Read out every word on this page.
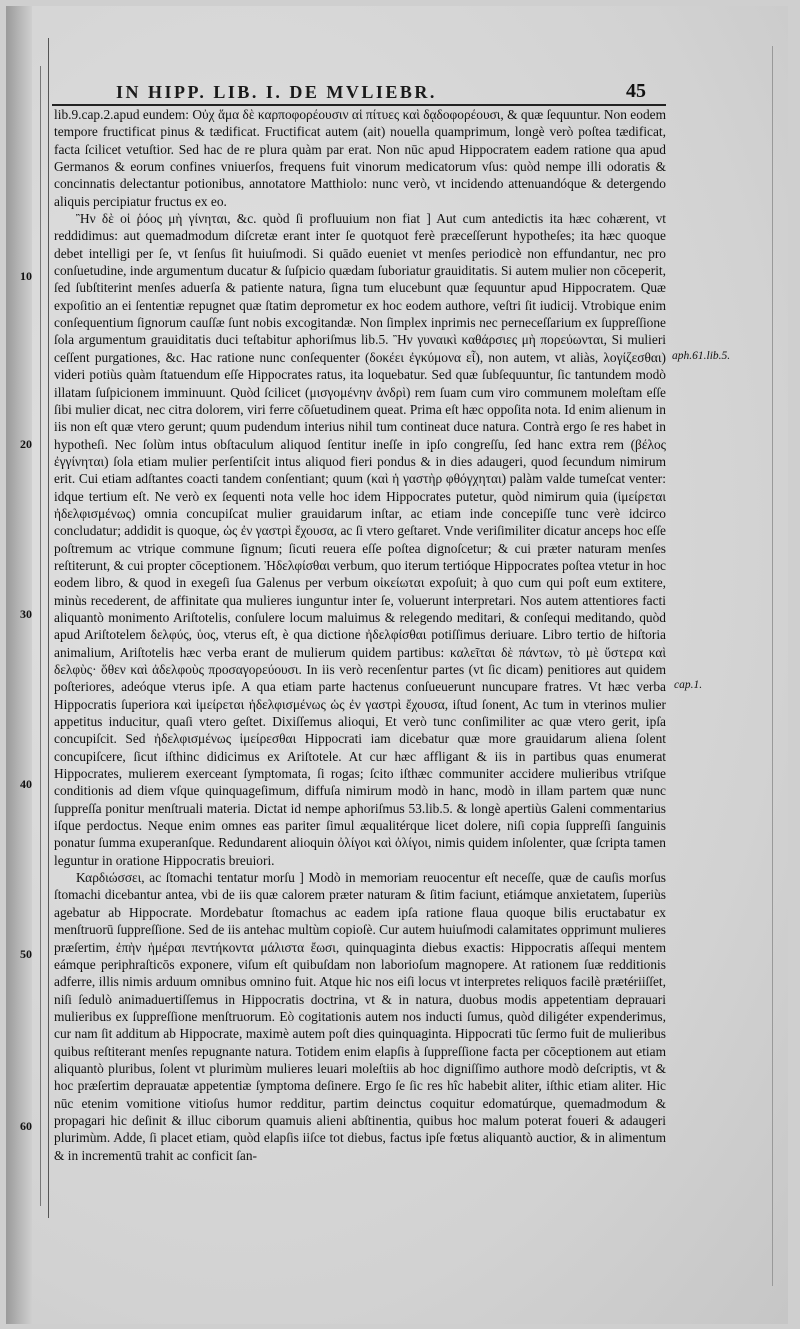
IN HIPP. LIB. I. DE MVLIEBR.	45
10
20
30
40
50
60
aph.61.lib.5.
cap.1.

lib.9.cap.2.apud eundem: Οὐχ ἅμα δὲ καρποφορέουσιν αἱ πίτυες καὶ δᾳδοφορέουσι, & quæ ſequuntur. Non eodem tempore fructificat pinus & tædificat. Fructificat autem (ait) nouella quamprimum, longè verò poſtea tædificat, facta ſcilicet vetuſtior. Sed hac de re plura quàm par erat. Non nūc apud Hippocratem eadem ratione qua apud Germanos & eorum confines vniuerſos, frequens fuit vinorum medicatorum vſus: quòd nempe illi odoratis & concinnatis delectantur potionibus, annotatore Matthiolo: nunc verò, vt incidendo attenuandóque & detergendo aliquis percipiatur fructus ex eo.

Ἢν δὲ οἱ ῥόος μὴ γίνηται, &c. quòd ſi profluuium non fiat ] Aut cum antedictis ita hæc cohærent, vt reddidimus: aut quemadmodum diſcretæ erant inter ſe quotquot ferè præceſſerunt hypotheſes; ita hæc quoque debet intelligi per ſe, vt ſenſus ſit huiuſmodi. Si quādo eueniet vt menſes periodicè non effundantur, nec pro conſuetudine, inde argumentum ducatur & ſuſpicio quædam ſuboriatur grauiditatis. Si autem mulier non cōceperit, ſed ſubſtiterint menſes aduerſa & patiente natura, ſigna tum elucebunt quæ ſequuntur apud Hippocratem. Quæ expoſitio an ei ſententiæ repugnet quæ ſtatim deprometur ex hoc eodem authore, veſtri ſit iudicij. Vtrobique enim conſequentium ſignorum cauſſæ ſunt nobis excogitandæ. Non ſimplex inprimis nec pernеceſſarium ex ſuppreſſione ſola argumentum grauiditatis duci teſtabitur aphoriſmus lib.5. Ἢν γυναικὶ καθάρσιες μὴ πορεύωνται, Si mulieri ceſſent purgationes, &c. Hac ratione nunc conſequenter (δοκέει ἐγκύμονα εἶ), non autem, vt aliàs, λογίζεσθαι) videri potiùs quàm ſtatuendum eſſe Hippocrates ratus, ita loquebatur. Sed quæ ſubſequuntur, ſic tantundem modò illatam ſuſpicionem imminuunt. Quòd ſcilicet (μισγομένην ἀνδρὶ) rem ſuam cum viro communem moleſtam eſſe ſibi mulier dicat, nec citra dolorem, viri ferre cōſuetudinem queat. Prima eſt hæc oppoſita nota. Id enim alienum in iis non eſt quæ vtero gerunt; quum pudendum interius nihil tum contineat duce natura. Contrà ergo ſe res habet in hypotheſi. Nec ſolùm intus obſtaculum aliquod ſentitur ineſſe in ipſo congreſſu, ſed hanc extra rem (βέλος ἐγγίνηται) ſola etiam mulier perſentiſcit intus aliquod fieri pondus & in dies adaugeri, quod ſecundum nimirum erit. Cui etiam adſtantes coacti tandem conſentiant; quum (καὶ ἡ γαστὴρ φθόγχηται) palàm valde tumeſcat venter: idque tertium eſt. Ne verò ex ſequenti nota velle hoc idem Hippocrates putetur, quòd nimirum quia (ἱμείρεται ἠδελφισμένως) omnia concupiſcat mulier grauidarum inſtar, ac etiam inde concepiſſe tunc verè idcirco concludatur; addidit is quoque, ὡς ἐν γαστρὶ ἔχουσα, ac ſi vtero geſtaret. Vnde veriſimiliter dicatur anceps hoc eſſe poſtremum ac vtrique commune ſignum; ſicuti reuera eſſe poſtea dignoſcetur; & cui præter naturam menſes reſtiterunt, & cui propter cōceptionem. Ἠδελφίσθαι verbum, quo iterum tertióque Hippocrates poſtea vtetur in hoc eodem libro, & quod in exegeſi ſua Galenus per verbum οἰκείωται expoſuit; à quo cum qui poſt eum extitere, minùs recederent, de affinitate qua mulieres iunguntur inter ſe, voluerunt interpretari. Nos autem attentiores facti aliquantò monimento Ariſtotelis, conſulere locum maluimus & relegendo meditari, & conſequi meditando, quòd apud Ariſtotelem δελφύς, ὑος, vterus eſt, è qua dictione ἠδελφίσθαι potiſſimus deriuare. Libro tertio de hiſtoria animalium, Ariſtotelis hæc verba erant de mulierum quidem partibus: καλεῖται δὲ πάντων, τὸ μὲ ὕστερα καὶ δελφὺς· ὅθεν καὶ ἀδελφοὺς προσαγορεύουσι. In iis verò recenſentur partes (vt ſic dicam) penitiores aut quidem poſteriores, adeóque vterus ipſe. A qua etiam parte hactenus conſueuerunt nuncupare fratres. Vt hæc verba Hippocratis ſuperiora καὶ ἱμείρεται ἠδελφισμένως ὡς ἐν γαστρὶ ἔχουσα, iſtud ſonent, Ac tum in vterinos mulier appetitus inducitur, quaſi vtero geſtet. Dixiſſemus alioqui, Et verò tunc conſimiliter ac quæ vtero gerit, ipſa concupiſcit. Sed ἠδελφισμένως ἱμείρεσθαι Hippocrati iam dicebatur quæ more grauidarum aliena ſolent concupiſcere, ſicut iſthinc didicimus ex Ariſtotele. At cur hæc affligant & iis in partibus quas enumerat Hippocrates, mulierem exerceant ſymptomata, ſi rogas; ſcito iſthæc communiter accidere mulieribus vtriſque conditionis ad diem vſque quinquageſimum, diffuſa nimirum modò in hanc, modò in illam partem quæ nunc ſuppreſſa ponitur menſtruali materia. Dictat id nempe aphoriſmus 53.lib.5. & longè apertiùs Galeni commentarius iſque perdoctus. Neque enim omnes eas pariter ſimul æqualitérque licet dolere, niſi copia ſuppreſſi ſanguinis ponatur ſumma exuperanſque. Redundarent alioquin ὀλίγοι καὶ ὀλίγοι, nimis quidem inſolenter, quæ ſcripta tamen leguntur in oratione Hippocratis breuiori.

Καρδιώσσει, ac ſtomachi tentatur morſu ] Modò in memoriam reuocentur eſt neceſſe, quæ de cauſis morſus ſtomachi dicebantur antea, vbi de iis quæ calorem præter naturam & ſitim faciunt, etiámque anxietatem, ſuperiùs agebatur ab Hippocrate. Mordebatur ſtomachus ac eadem ipſa ratione flaua quoque bilis eructabatur ex menſtruorū ſuppreſſione. Sed de iis antehac multùm copioſè. Cur autem huiuſmodi calamitates opprimunt mulieres præſertim, ἐπὴν ἡμέραι πεντήκοντα μάλιστα ἔωσι, quinquaginta diebus exactis: Hippocratis aſſequi mentem eámque periphraſticōs exponere, viſum eſt quibuſdam non laborioſum magnopere. At rationem ſuæ redditionis adferre, illis nimis arduum omnibus omnino fuit. Atque hic nos eiſi locus vt interpretes reliquos facilè prætériiſſet, niſi ſedulò animaduertiſſemus in Hippocratis doctrina, vt & in natura, duobus modis appetentiam deprauari mulieribus ex ſuppreſſione menſtruorum. Eò cogitationis autem nos inducti ſumus, quòd diligéter expenderimus, cur nam ſit additum ab Hippocrate, maximè autem poſt dies quinquaginta. Hippocrati tūc ſermo fuit de mulieribus quibus reſtiterant menſes repugnante natura. Totidem enim elapſis à ſuppreſſione facta per cōceptionem aut etiam aliquantò pluribus, ſolent vt plurimùm mulieres leuari moleſtiis ab hoc digniſſimo authore modò deſcriptis, vt & hoc præſertim deprauatæ appetentiæ ſymptoma deſinere. Ergo ſe ſic res hîc habebit aliter, iſthic etiam aliter. Hic nūc etenim vomitione vitioſus humor redditur, partim deinctus coquitur edomatúrque, quemadmodum & propagari hic deſinit & illuc ciborum quamuis alieni abſtinentia, quibus hoc malum poterat foueri & adaugeri plurimùm. Adde, ſi placet etiam, quòd elapſis iiſce tot diebus, factus ipſe fœtus aliquantò auctior, & in alimentum & in incrementū trahit ac conficit ſan-
